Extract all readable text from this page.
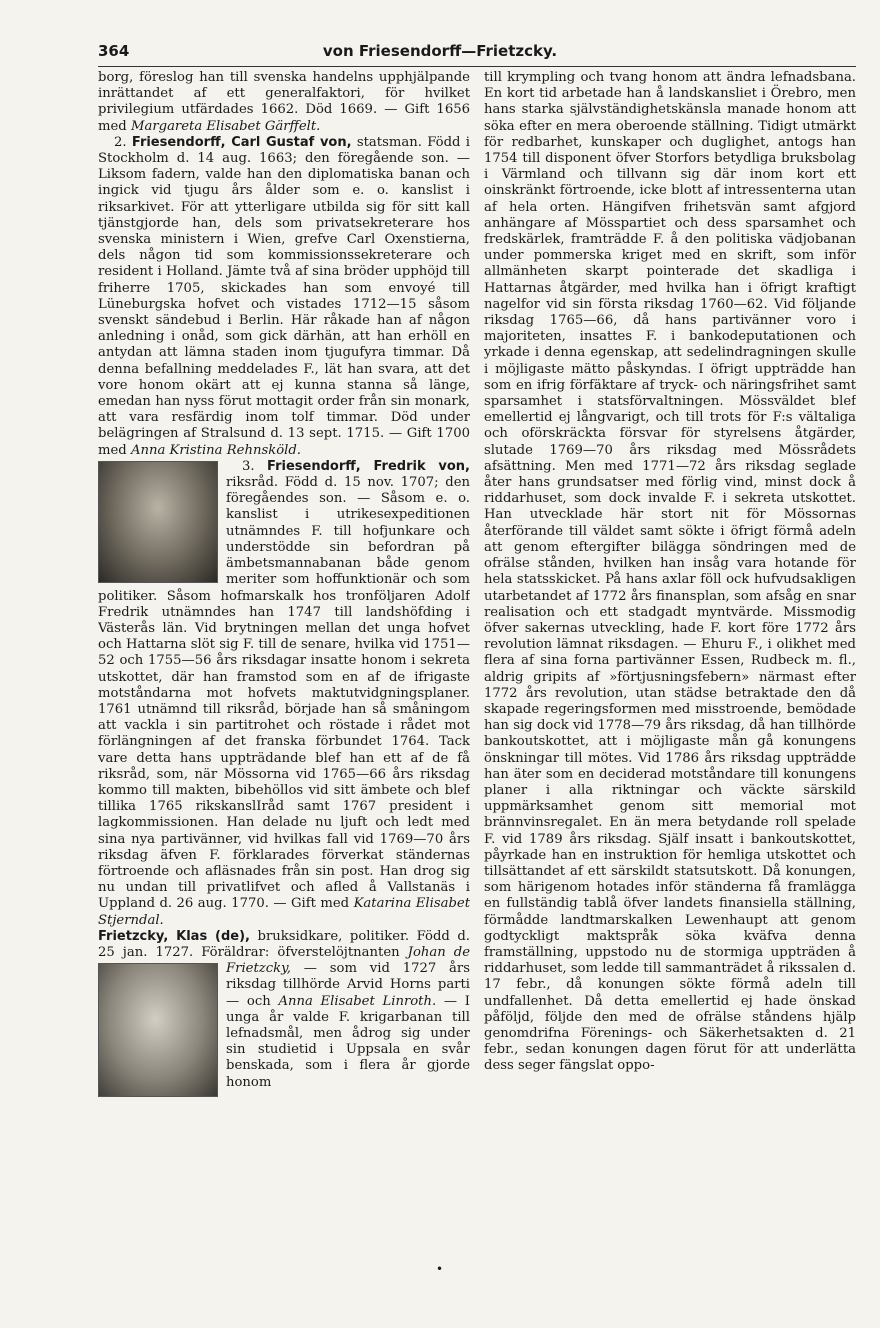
364	von Friesendorff—Frietzcky.

borg, föreslog han till svenska handelns upphjälpande inrättandet af ett generalfaktori, för hvilket privilegium utfärdades 1662. Död 1669. — Gift 1656 med Margareta Elisabet Gärffelt.

2. Friesendorff, Carl Gustaf von, statsman. Född i Stockholm d. 14 aug. 1663; den föregående son. — Liksom fadern, valde han den diplomatiska banan och ingick vid tjugu års ålder som e. o. kanslist i riksarkivet. För att ytterligare utbilda sig för sitt kall tjänstgjorde han, dels som privatsekreterare hos svenska ministern i Wien, grefve Carl Oxenstierna, dels någon tid som kommissionssekreterare och resident i Holland. Jämte två af sina bröder upphöjd till friherre 1705, skickades han som envoyé till Lüneburgska hofvet och vistades 1712—15 såsom svenskt sändebud i Berlin. Här råkade han af någon anledning i onåd, som gick därhän, att han erhöll en antydan att lämna staden inom tjugufyra timmar. Då denna befallning meddelades F., lät han svara, att det vore honom okärt att ej kunna stanna så länge, emedan han nyss förut mottagit order från sin monark, att vara resfärdig inom tolf timmar. Död under belägringen af Stralsund d. 13 sept. 1715. — Gift 1700 med Anna Kristina Rehnsköld.

3. Friesendorff, Fredrik von,
riksråd. Född d. 15 nov. 1707; den föregåendes son. — Såsom e. o. kanslist i utrikesexpeditionen utnämndes F. till hofjunkare och understödde sin befordran på ämbetsmannabanan både genom meriter som hoffunktionär och som politiker. Såsom hofmarskalk hos tronföljaren Adolf Fredrik utnämndes han 1747 till landshöfding i Västerås län. Vid brytningen mellan det unga hofvet och Hattarna slöt sig F. till de senare, hvilka vid 1751—52 och 1755—56 års riksdagar insatte honom i sekreta utskottet, där han framstod som en af de ifrigaste motståndarna mot hofvets maktutvidgningsplaner. 1761 utnämnd till riksråd, började han så småningom att vackla i sin partitrohet och röstade i rådet mot förlängningen af det franska förbundet 1764. Tack vare detta hans uppträdande blef han ett af de få riksråd, som, när Mössorna vid 1765—66 års riksdag kommo till makten, bibehöllos vid sitt ämbete och blef tillika 1765 rikskanslIråd samt 1767 president i lagkommissionen. Han delade nu ljuft och ledt med sina nya partivänner, vid hvilkas fall vid 1769—70 års riksdag äfven F. förklarades förverkat ständernas förtroende och afläsnades från sin post. Han drog sig nu undan till privatlifvet och afled å Vallstanäs i Uppland d. 26 aug. 1770. — Gift med Katarina Elisabet Stjerndal.

Frietzcky, Klas (de), bruksidkare, politiker. Född d. 25 jan. 1727. Föräldrar: öfverstelöjtnanten
Johan de Frietzcky, — som vid 1727 års riksdag tillhörde Arvid Horns parti — och Anna Elisabet Linroth. — I unga år valde F. krigarbanan till lefnadsmål, men ådrog sig under sin studietid i Uppsala en svår benskada, som i flera år gjorde honom

till krympling och tvang honom att ändra lefnadsbana. En kort tid arbetade han å landskansliet i Örebro, men hans starka självständighetskänsla manade honom att söka efter en mera oberoende ställning. Tidigt utmärkt för redbarhet, kunskaper och duglighet, antogs han 1754 till disponent öfver Storfors betydliga bruksbolag i Värmland och tillvann sig där inom kort ett oinskränkt förtroende, icke blott af intressenterna utan af hela orten. Hängifven frihetsvän samt afgjord anhängare af Mösspartiet och dess sparsamhet och fredskärlek, framträdde F. å den politiska vädjobanan under pommerska kriget med en skrift, som inför allmänheten skarpt pointerade det skadliga i Hattarnas åtgärder, med hvilka han i öfrigt kraftigt nagelfor vid sin första riksdag 1760—62. Vid följande riksdag 1765—66, då hans partivänner voro i majoriteten, insattes F. i bankodeputationen och yrkade i denna egenskap, att sedelindragningen skulle i möjligaste mätto påskyndas. I öfrigt uppträdde han som en ifrig förfäktare af tryck- och näringsfrihet samt sparsamhet i statsförvaltningen. Mössväldet blef emellertid ej långvarigt, och till trots för F:s vältaliga och oförskräckta försvar för styrelsens åtgärder, slutade 1769—70 års riksdag med Mössrådets afsättning. Men med 1771—72 års riksdag seglade åter hans grundsatser med förlig vind, minst dock å riddarhuset, som dock invalde F. i sekreta utskottet. Han utvecklade här stort nit för Mössornas återförande till väldet samt sökte i öfrigt förmå adeln att genom eftergifter bilägga söndringen med de ofrälse stånden, hvilken han insåg vara hotande för hela statsskicket. På hans axlar föll ock hufvudsakligen utarbetandet af 1772 års finansplan, som afsåg en snar realisation och ett stadgadt myntvärde. Missmodig öfver sakernas utveckling, hade F. kort före 1772 års revolution lämnat riksdagen. — Ehuru F., i olikhet med flera af sina forna partivänner Essen, Rudbeck m. fl., aldrig gripits af »förtjusningsfebern» närmast efter 1772 års revolution, utan städse betraktade den då skapade regeringsformen med misstroende, bemödade han sig dock vid 1778—79 års riksdag, då han tillhörde bankoutskottet, att i möjligaste mån gå konungens önskningar till mötes. Vid 1786 års riksdag uppträdde han äter som en deciderad motståndare till konungens planer i alla riktningar och väckte särskild uppmärksamhet genom sitt memorial mot brännvinsregalet. En än mera betydande roll spelade F. vid 1789 års riksdag. Själf insatt i bankoutskottet, påyrkade han en instruktion för hemliga utskottet och tillsättandet af ett särskildt statsutskott. Då konungen, som härigenom hotades inför ständerna få framlägga en fullständig tablå öfver landets finansiella ställning, förmådde landtmarskalken Lewenhaupt att genom godtyckligt maktspråk söka kväfva denna framställning, uppstodo nu de stormiga uppträden å riddarhuset, som ledde till sammanträdet å rikssalen d. 17 febr., då konungen sökte förmå adeln till undfallenhet. Då detta emellertid ej hade önskad påföljd, följde den med de ofrälse ståndens hjälp genomdrifna Förenings- och Säkerhetsakten d. 21 febr., sedan konungen dagen förut för att underlätta dess seger fängslat oppo-

•
